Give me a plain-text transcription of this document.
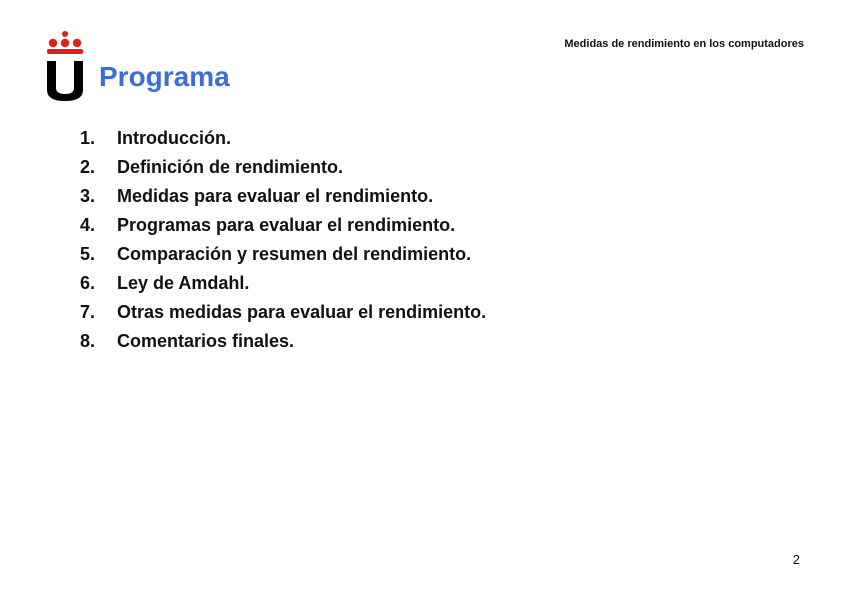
Medidas de rendimiento en los computadores
Programa
1.	Introducción.
2.	Definición de rendimiento.
3.	Medidas para evaluar el rendimiento.
4.	Programas para evaluar el rendimiento.
5.	Comparación y resumen del rendimiento.
6.	Ley de Amdahl.
7.	Otras medidas para evaluar el rendimiento.
8.	Comentarios finales.
2
